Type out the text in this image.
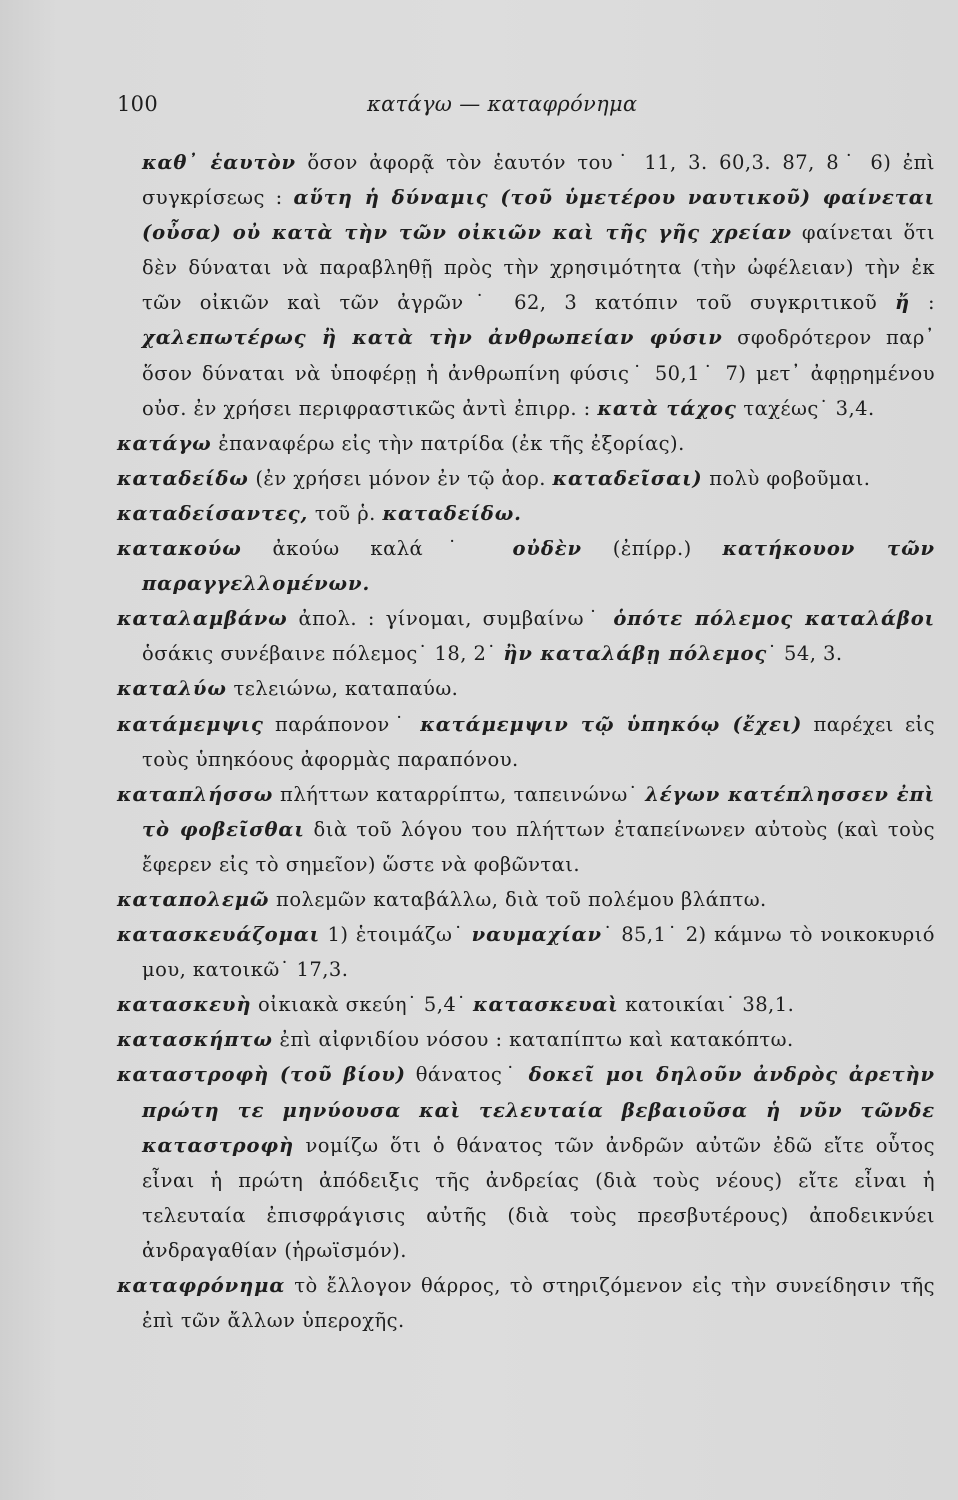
100	κατάγω — καταφρόνημα

καθ᾽ ἑαυτὸν ὅσον ἀφορᾷ τὸν ἑαυτόν του˙ 11, 3. 60,3. 87, 8˙ 6) ἐπὶ συγκρίσεως : αὕτη ἡ δύναμις (τοῦ ὑμετέρου ναυτικοῦ) φαίνεται (οὖσα) οὐ κατὰ τὴν τῶν οἰκιῶν καὶ τῆς γῆς χρείαν φαίνεται ὅτι δὲν δύναται νὰ παραβληθῇ πρὸς τὴν χρησιμότητα (τὴν ὠφέλειαν) τὴν ἐκ τῶν οἰκιῶν καὶ τῶν ἀγρῶν˙ 62, 3 κατόπιν τοῦ συγκριτικοῦ ἤ : χαλεπωτέρως ἢ κατὰ τὴν ἀνθρωπείαν φύσιν σφοδρότερον παρ᾽ ὅσον δύναται νὰ ὑποφέρῃ ἡ ἀνθρωπίνη φύσις˙ 50,1˙ 7) μετ᾽ ἀφῃρημένου οὐσ. ἐν χρήσει περιφραστικῶς ἀντὶ ἐπιρρ. : κατὰ τάχος ταχέως˙ 3,4.

κατάγω ἐπαναφέρω εἰς τὴν πατρίδα (ἐκ τῆς ἐξορίας).

καταδείδω (ἐν χρήσει μόνον ἐν τῷ ἀορ. καταδεῖσαι) πολὺ φοβοῦμαι.

καταδείσαντες, τοῦ ῥ. καταδείδω.

κατακούω ἀκούω καλά˙ οὐδὲν (ἐπίρρ.) κατήκουον τῶν παραγγελλομένων.

καταλαμβάνω ἀπολ. : γίνομαι, συμβαίνω˙ ὁπότε πόλεμος καταλάβοι ὁσάκις συνέβαινε πόλεμος˙ 18, 2˙ ἢν καταλάβῃ πόλεμος˙ 54, 3.

καταλύω τελειώνω, καταπαύω.

κατάμεμψις παράπονον˙ κατάμεμψιν τῷ ὑπηκόῳ (ἔχει) παρέχει εἰς τοὺς ὑπηκόους ἀφορμὰς παραπόνου.

καταπλήσσω πλήττων καταρρίπτω, ταπεινώνω˙ λέγων κατέπλησσεν ἐπὶ τὸ φοβεῖσθαι διὰ τοῦ λόγου του πλήττων ἐταπείνωνεν αὐτοὺς (καὶ τοὺς ἔφερεν εἰς τὸ σημεῖον) ὥστε νὰ φοβῶνται.

καταπολεμῶ πολεμῶν καταβάλλω, διὰ τοῦ πολέμου βλάπτω.

κατασκευάζομαι 1) ἑτοιμάζω˙ ναυμαχίαν˙ 85,1˙ 2) κάμνω τὸ νοικοκυριό μου, κατοικῶ˙ 17,3.

κατασκευὴ οἰκιακὰ σκεύη˙ 5,4˙ κατασκευαὶ κατοικίαι˙ 38,1.

κατασκήπτω ἐπὶ αἰφνιδίου νόσου : καταπίπτω καὶ κατακόπτω.

καταστροφὴ (τοῦ βίου) θάνατος˙ δοκεῖ μοι δηλοῦν ἀνδρὸς ἀρετὴν πρώτη τε μηνύουσα καὶ τελευταία βεβαιοῦσα ἡ νῦν τῶνδε καταστροφὴ νομίζω ὅτι ὁ θάνατος τῶν ἀνδρῶν αὐτῶν ἐδῶ εἴτε οὗτος εἶναι ἡ πρώτη ἀπόδειξις τῆς ἀνδρείας (διὰ τοὺς νέους) εἴτε εἶναι ἡ τελευταία ἐπισφράγισις αὐτῆς (διὰ τοὺς πρεσβυτέρους) ἀποδεικνύει ἀνδραγαθίαν (ἡρωϊσμόν).

καταφρόνημα τὸ ἔλλογον θάρρος, τὸ στηριζόμενον εἰς τὴν συνείδησιν τῆς ἐπὶ τῶν ἄλλων ὑπεροχῆς.
